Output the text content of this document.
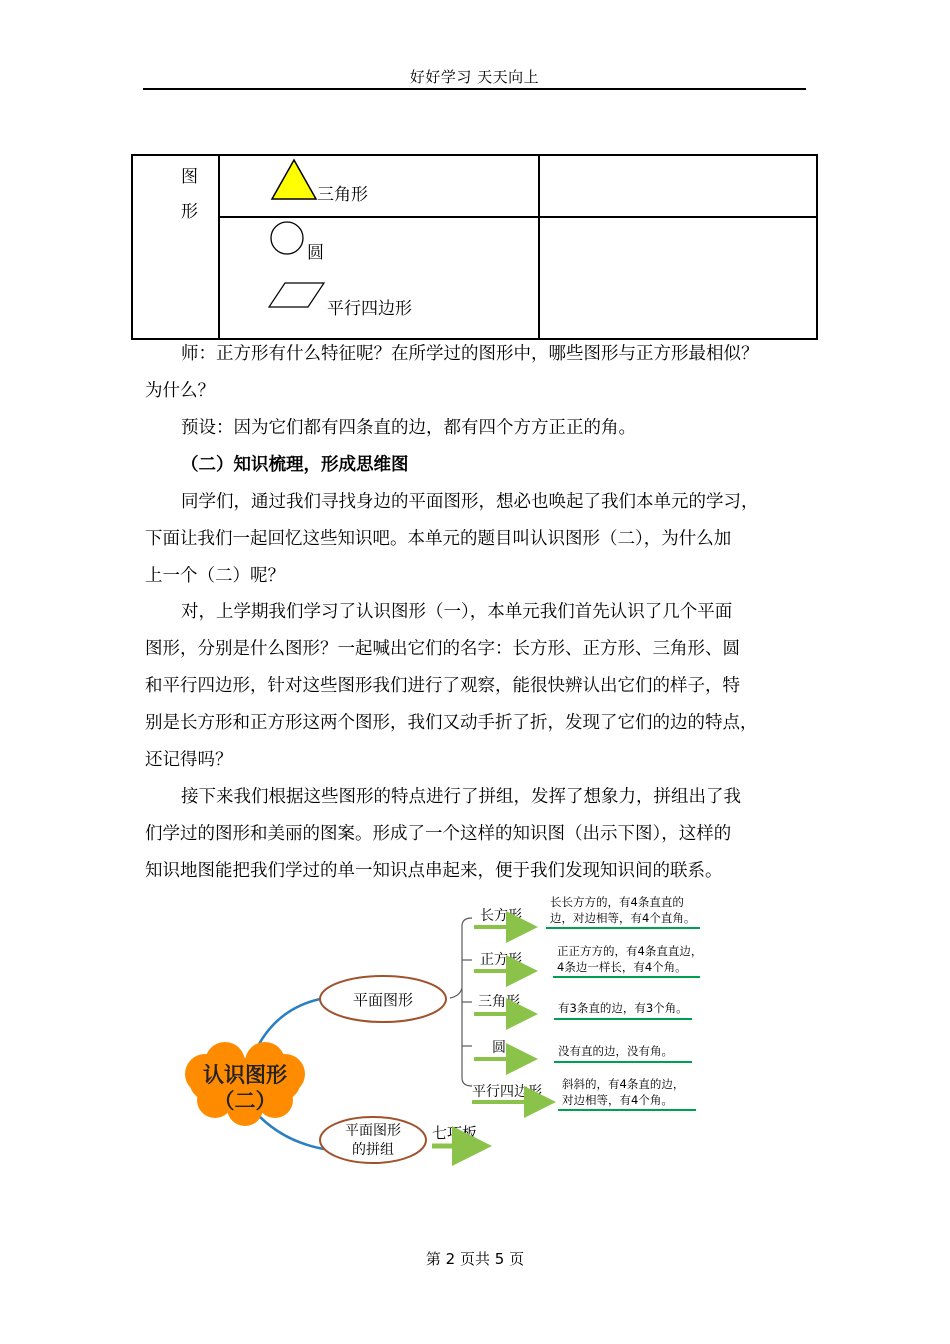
好好学习 天天向上
图
形
三角形
圆
平行四边形
师：正方形有什么特征呢？在所学过的图形中，哪些图形与正方形最相似？
为什么？
预设：因为它们都有四条直的边，都有四个方方正正的角。
（二）知识梳理，形成思维图
同学们，通过我们寻找身边的平面图形，想必也唤起了我们本单元的学习，
下面让我们一起回忆这些知识吧。本单元的题目叫认识图形（二），为什么加
上一个（二）呢？
对，上学期我们学习了认识图形（一），本单元我们首先认识了几个平面
图形，分别是什么图形？一起喊出它们的名字：长方形、正方形、三角形、圆
和平行四边形，针对这些图形我们进行了观察，能很快辨认出它们的样子，特
别是长方形和正方形这两个图形，我们又动手折了折，发现了它们的边的特点，
还记得吗？
接下来我们根据这些图形的特点进行了拼组，发挥了想象力，拼组出了我
们学过的图形和美丽的图案。形成了一个这样的知识图（出示下图），这样的
知识地图能把我们学过的单一知识点串起来，便于我们发现知识间的联系。
认识图形
（二）
平面图形
平面图形
的拼组
七巧板
长方形
长长方方的，有4条直直的
边，对边相等，有4个直角。
正方形
正正方方的，有4条直直边，
4条边一样长，有4个角。
三角形	有3条直的边，有3个角。
圆	没有直的边，没有角。
平行四边形 斜斜的，有4条直的边，
对边相等，有4个角。
第 2 页共 5 页
